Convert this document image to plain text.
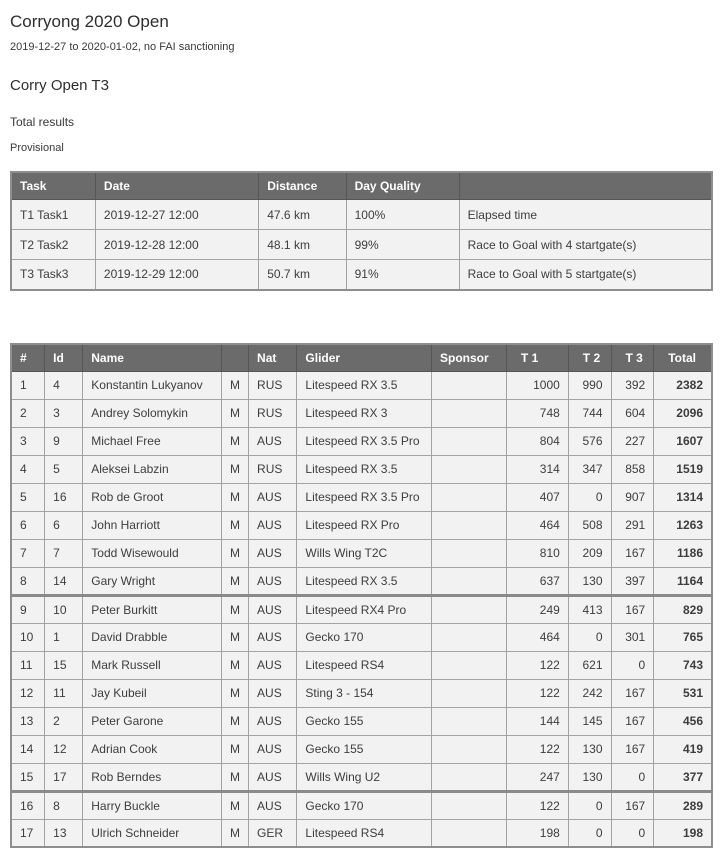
Corryong 2020 Open
2019-12-27 to 2020-01-02, no FAI sanctioning
Corry Open T3
Total results
Provisional
Task	Date	Distance	Day Quality	
T1 Task1	2019-12-27 12:00	47.6 km	100%	Elapsed time
T2 Task2	2019-12-28 12:00	48.1 km	99%	Race to Goal with 4 startgate(s)
T3 Task3	2019-12-29 12:00	50.7 km	91%	Race to Goal with 5 startgate(s)
#	Id	Name		Nat	Glider	Sponsor	T 1	T 2	T 3	Total
1	4	Konstantin Lukyanov	M	RUS	Litespeed RX 3.5		1000	990	392	2382
2	3	Andrey Solomykin	M	RUS	Litespeed RX 3		748	744	604	2096
3	9	Michael Free	M	AUS	Litespeed RX 3.5 Pro		804	576	227	1607
4	5	Aleksei Labzin	M	RUS	Litespeed RX 3.5		314	347	858	1519
5	16	Rob de Groot	M	AUS	Litespeed RX 3.5 Pro		407	0	907	1314
6	6	John Harriott	M	AUS	Litespeed RX Pro		464	508	291	1263
7	7	Todd Wisewould	M	AUS	Wills Wing T2C		810	209	167	1186
8	14	Gary Wright	M	AUS	Litespeed RX 3.5		637	130	397	1164
9	10	Peter Burkitt	M	AUS	Litespeed RX4 Pro		249	413	167	829
10	1	David Drabble	M	AUS	Gecko 170		464	0	301	765
11	15	Mark Russell	M	AUS	Litespeed RS4		122	621	0	743
12	11	Jay Kubeil	M	AUS	Sting 3 - 154		122	242	167	531
13	2	Peter Garone	M	AUS	Gecko 155		144	145	167	456
14	12	Adrian Cook	M	AUS	Gecko 155		122	130	167	419
15	17	Rob Berndes	M	AUS	Wills Wing U2		247	130	0	377
16	8	Harry Buckle	M	AUS	Gecko 170		122	0	167	289
17	13	Ulrich Schneider	M	GER	Litespeed RS4		198	0	0	198
